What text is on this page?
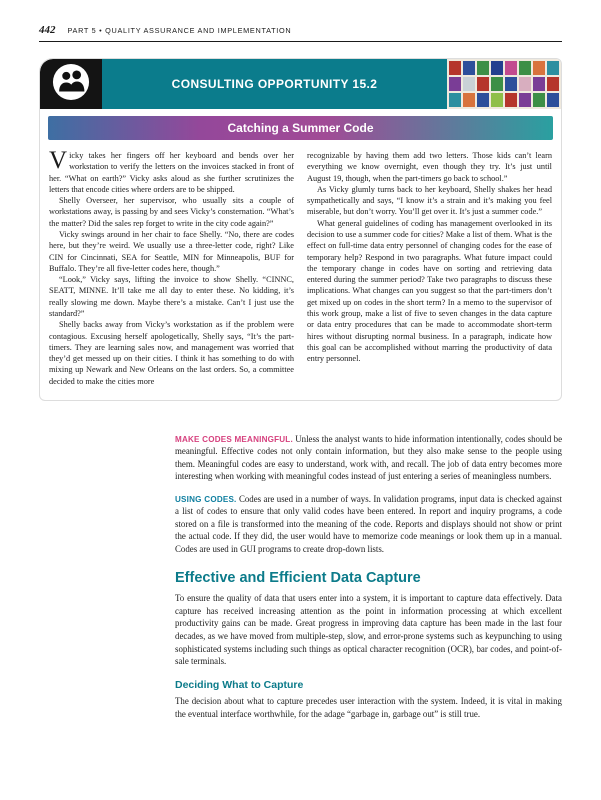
442 PART 5 • QUALITY ASSURANCE AND IMPLEMENTATION
CONSULTING OPPORTUNITY 15.2
Catching a Summer Code

Vicky takes her fingers off her keyboard and bends over her workstation to verify the letters on the invoices stacked in front of her. “What on earth?” Vicky asks aloud as she further scrutinizes the letters that encode cities where orders are to be shipped.

Shelly Overseer, her supervisor, who usually sits a couple of workstations away, is passing by and sees Vicky’s consternation. “What’s the matter? Did the sales rep forget to write in the city code again?”

Vicky swings around in her chair to face Shelly. “No, there are codes here, but they’re weird. We usually use a three-letter code, right? Like CIN for Cincinnati, SEA for Seattle, MIN for Minneapolis, BUF for Buffalo. They’re all five-letter codes here, though.”

“Look,” Vicky says, lifting the invoice to show Shelly. “CINNC, SEATT, MINNE. It’ll take me all day to enter these. No kidding, it’s really slowing me down. Maybe there’s a mistake. Can’t I just use the standard?”

Shelly backs away from Vicky’s workstation as if the problem were contagious. Excusing herself apologetically, Shelly says, “It’s the part-timers. They are learning sales now, and management was worried that they’d get messed up on their cities. I think it has something to do with mixing up Newark and New Orleans on the last orders. So, a committee decided to make the cities more

recognizable by having them add two letters. Those kids can’t learn everything we know overnight, even though they try. It’s just until August 19, though, when the part-timers go back to school.”

As Vicky glumly turns back to her keyboard, Shelly shakes her head sympathetically and says, “I know it’s a strain and it’s making you feel miserable, but don’t worry. You’ll get over it. It’s just a summer code.”

What general guidelines of coding has management overlooked in its decision to use a summer code for cities? Make a list of them. What is the effect on full-time data entry personnel of changing codes for the ease of temporary help? Respond in two paragraphs. What future impact could the temporary change in codes have on sorting and retrieving data entered during the summer period? Take two paragraphs to discuss these implications. What changes can you suggest so that the part-timers don’t get mixed up on codes in the short term? In a memo to the supervisor of this work group, make a list of five to seven changes in the data capture or data entry procedures that can be made to accommodate short-term hires without disrupting normal business. In a paragraph, indicate how this goal can be accomplished without marring the productivity of data entry personnel.

MAKE CODES MEANINGFUL. Unless the analyst wants to hide information intentionally, codes should be meaningful. Effective codes not only contain information, but they also make sense to the people using them. Meaningful codes are easy to understand, work with, and recall. The job of data entry becomes more interesting when working with meaningful codes instead of just entering a series of meaningless numbers.

USING CODES. Codes are used in a number of ways. In validation programs, input data is checked against a list of codes to ensure that only valid codes have been entered. In report and inquiry programs, a code stored on a file is transformed into the meaning of the code. Reports and displays should not show or print the actual code. If they did, the user would have to memorize code meanings or look them up in a manual. Codes are used in GUI programs to create drop-down lists.

Effective and Efficient Data Capture

To ensure the quality of data that users enter into a system, it is important to capture data effectively. Data capture has received increasing attention as the point in information processing at which excellent productivity gains can be made. Great progress in improving data capture has been made in the last four decades, as we have moved from multiple-step, slow, and error-prone systems such as keypunching to using sophisticated systems including such things as optical character recognition (OCR), bar codes, and point-of-sale terminals.

Deciding What to Capture

The decision about what to capture precedes user interaction with the system. Indeed, it is vital in making the eventual interface worthwhile, for the adage “garbage in, garbage out” is still true.
